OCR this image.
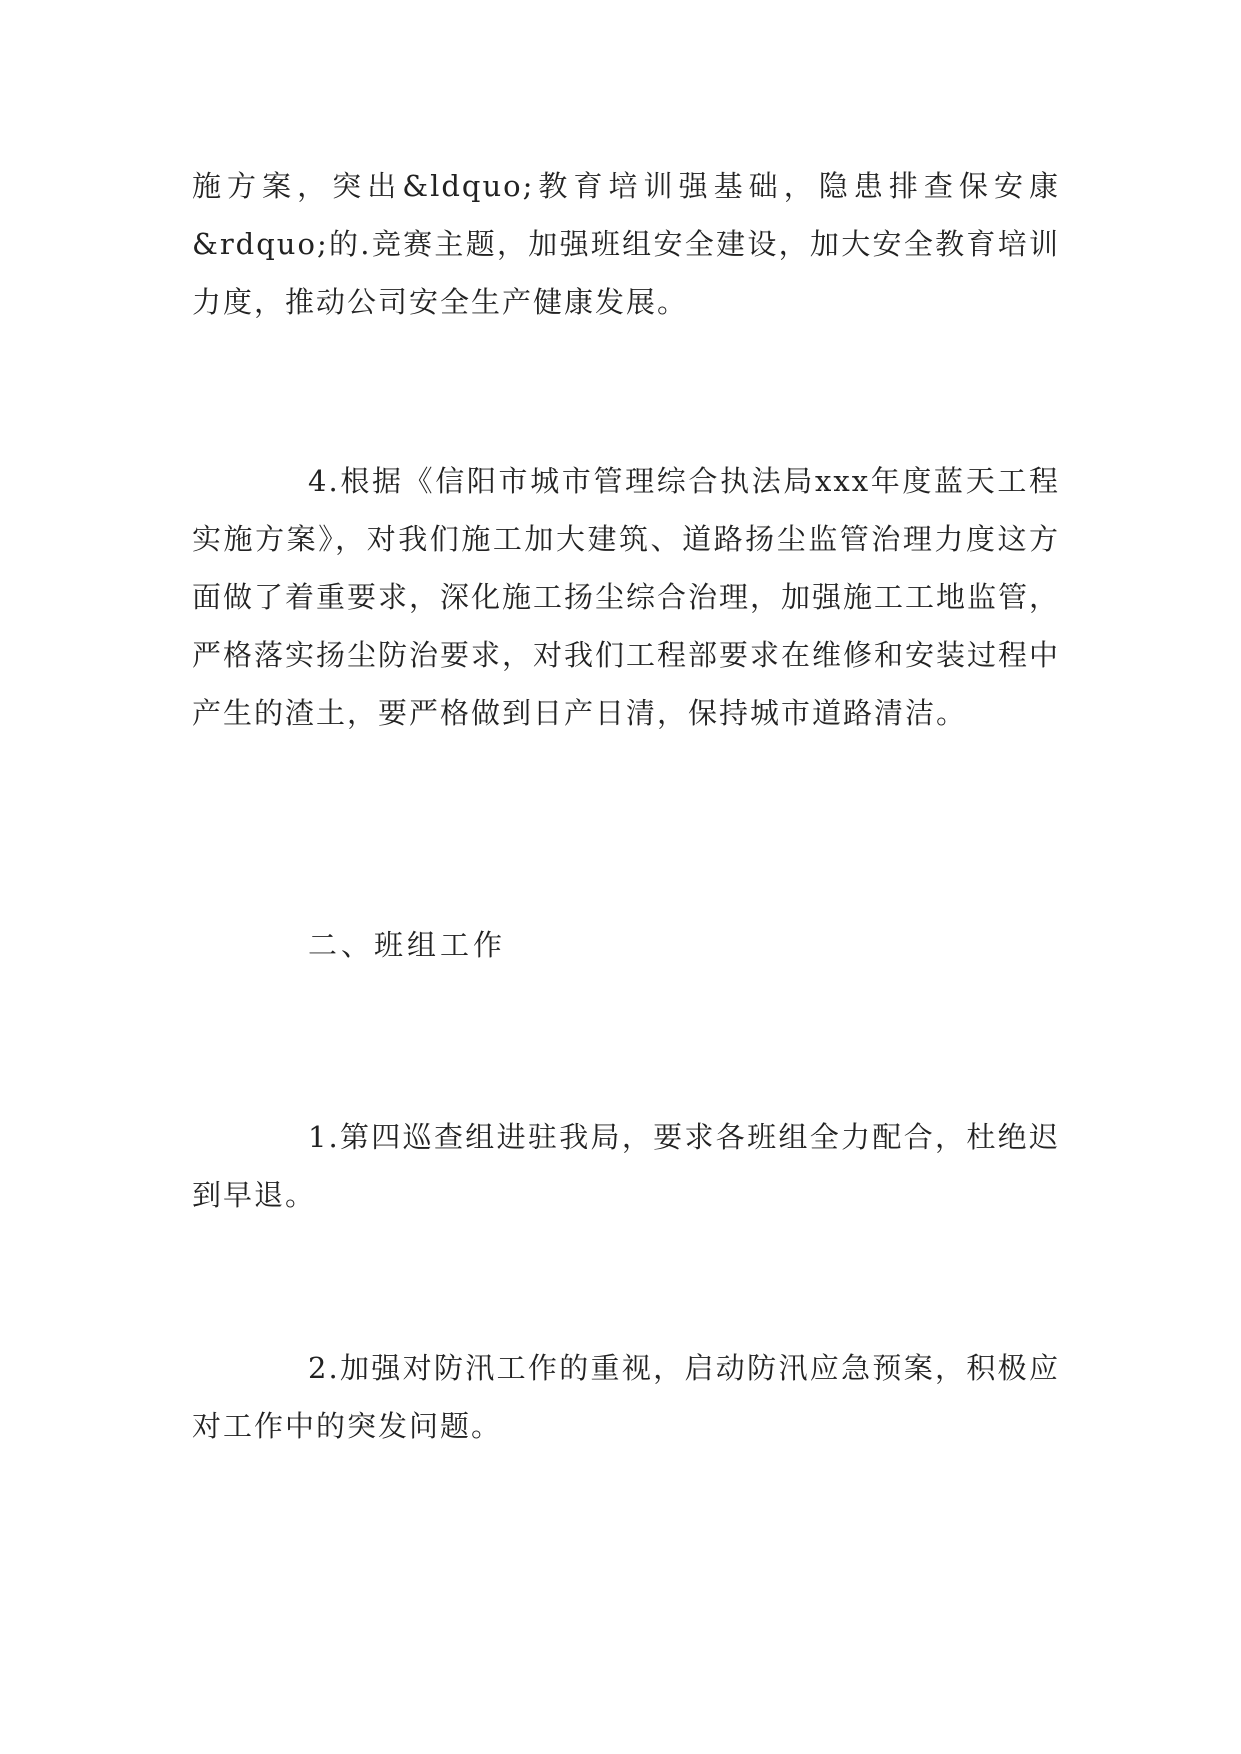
施方案，突出&ldquo;教育培训强基础，隐患排查保安康&rdquo;的.竞赛主题，加强班组安全建设，加大安全教育培训力度，推动公司安全生产健康发展。

4.根据《信阳市城市管理综合执法局xxx年度蓝天工程实施方案》，对我们施工加大建筑、道路扬尘监管治理力度这方面做了着重要求，深化施工扬尘综合治理，加强施工工地监管，严格落实扬尘防治要求，对我们工程部要求在维修和安装过程中产生的渣土，要严格做到日产日清，保持城市道路清洁。

二、班组工作

1.第四巡查组进驻我局，要求各班组全力配合，杜绝迟到早退。

2.加强对防汛工作的重视，启动防汛应急预案，积极应对工作中的突发问题。
